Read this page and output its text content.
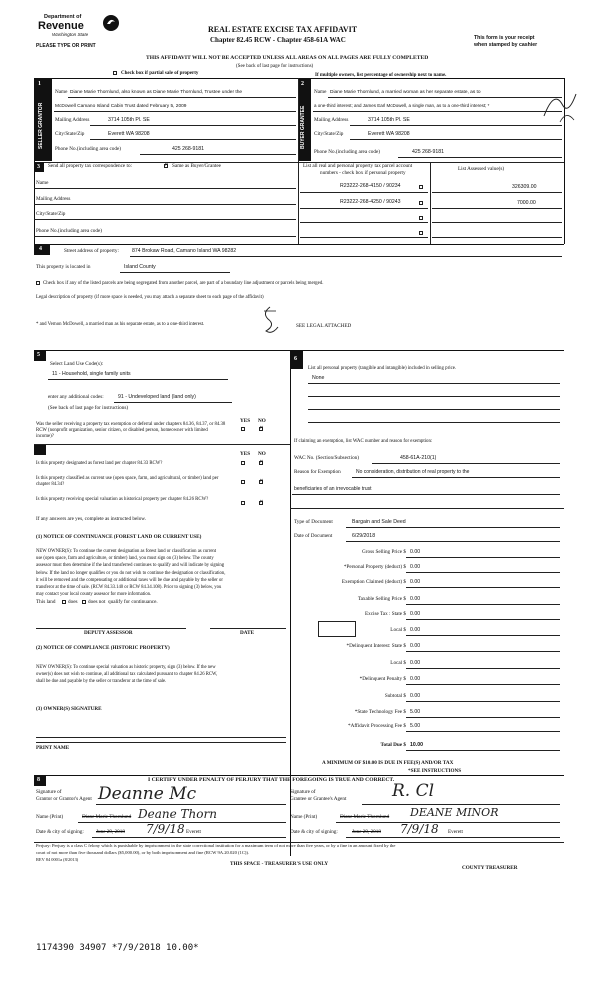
Department of
Revenue
Washington State
PLEASE TYPE OR PRINT
REAL ESTATE EXCISE TAX AFFIDAVIT
Chapter 82.45 RCW - Chapter 458-61A WAC	This form is your receipt
when stamped by cashier
THIS AFFIDAVIT WILL NOT BE ACCEPTED UNLESS ALL AREAS ON ALL PAGES ARE FULLY COMPLETED
(See back of last page for instructions)
Check box if partial sale of property	If multiple owners, list percentage of ownership next to name.
1
SELLER GRANTOR
Name Diane Marie Thornlund, also known as Diane Marie Thornlund, Trustee under the
McDowell Camano Island Cabin Trust dated February 5, 2009
Mailing Address	3714 105th Pl. SE
City/State/Zip	Everett WA 98208
Phone No.(including area code)	425 268-9181
2
BUYER GRANTEE
Name Diane Marie Thornlund, a married woman as her separate estate, as to
a one-third interest; and James Earl McDowell, a single man, as to a one-third interest; *
Mailing Address	3714 105th Pl. SE
City/State/Zip	Everett WA 98208
Phone No.(including area code)	425 268-9181
3 Send all property tax correspondence to: ✕	Same as Buyer/Grantee	List all real and personal property tax parcel account
numbers - check box if personal property
List Assessed value(s)
Name
Mailing Address
City/State/Zip
Phone No.(including area code)
R23222-268-4150 / 90234	326309.00
R23222-268-4250 / 90243	7000.00
4	Street address of property:	874 Brokaw Road, Camano Island WA 98282
This property is located in	Island County
Check box if any of the listed parcels are being segregated from another parcel, are part of a boundary line adjustment or parcels being merged.
Legal description of property (if more space is needed, you may attach a separate sheet to each page of the affidavit)
* and Vernon McDowell, a married man as his separate estate, as to a one-third interest.	SEE LEGAL ATTACHED
5
Select Land Use Code(s):
11 - Household, single family units
enter any additional codes:	91 - Undeveloped land (land only)
(See back of last page for instructions)
YES NO
Was the seller receiving a property tax exemption or deferral under chapters 84.36, 84.37, or 84.38 RCW (nonprofit organization, senior citizen, or disabled person, homeowner with limited income)?
✕
YES NO
Is this property designated as forest land per chapter 84.33 RCW?
✕
Is this property classified as current use (open space, farm, and agricultural, or timber) land per chapter 84.34?
✕
Is this property receiving special valuation as historical property per chapter 84.26 RCW?
✕
If any answers are yes, complete as instructed below.
(1) NOTICE OF CONTINUANCE (FOREST LAND OR CURRENT USE)
NEW OWNER(S): To continue the current designation as forest land or classification as current
use (open space, farm and agriculture, or timber) land, you must sign on (3) below. The county
assessor must then determine if the land transferred continues to qualify and will indicate by signing
below. If the land no longer qualifies or you do not wish to continue the designation or classification,
it will be removed and the compensating or additional taxes will be due and payable by the seller or
transferor at the time of sale. (RCW 84.33.140 or RCW 84.34.108). Prior to signing (3) below, you
may contact your local county assessor for more information.
This land does does not qualify for continuance.
DEPUTY ASSESSOR	DATE
(2) NOTICE OF COMPLIANCE (HISTORIC PROPERTY)
NEW OWNER(S): To continue special valuation as historic property, sign (3) below. If the new
owner(s) does not wish to continue, all additional tax calculated pursuant to chapter 84.26 RCW,
shall be due and payable by the seller or transferor at the time of sale.
(3) OWNER(S) SIGNATURE
PRINT NAME
6
List all personal property (tangible and intangible) included in selling price.
None
If claiming an exemption, list WAC number and reason for exemption:
WAC No. (Section/Subsection)	458-61A-210(1)
Reason for Exemption	No consideration, distribution of real property to the
beneficiaries of an irrevocable trust
Type of Document	Bargain and Sale Deed
Date of Document	6/29/2018
Gross Selling Price $ 0.00
*Personal Property (deduct) $ 0.00
Exemption Claimed (deduct) $ 0.00
Taxable Selling Price $ 0.00
Excise Tax : State $ 0.00
Local $ 0.00
*Delinquent Interest: State $ 0.00
Local $ 0.00
*Delinquent Penalty $ 0.00
Subtotal $ 0.00
*State Technology Fee $ 5.00
*Affidavit Processing Fee $ 5.00
Total Due $ 10.00
A MINIMUM OF $10.00 IS DUE IN FEE(S) AND/OR TAX
*SEE INSTRUCTIONS
8	I CERTIFY UNDER PENALTY OF PERJURY THAT THE FOREGOING IS TRUE AND CORRECT.
Signature of
Grantor or Grantor's Agent Deanne Mc
Name (Print)	Diane Marie Thornlund Deane Thorn
Date & city of signing: June 29, 2018 7/9/18 Everett
Signature of
Grantee or Grantee's Agent	R. Cl
Name (Print)	Diane Marie Thornlund DEANE MINOR
Date & city of signing:	June 29, 2018 7/9/18 Everett
Perjury: Perjury is a class C felony which is punishable by imprisonment in the state correctional institution for a maximum term of not more than five years, or by a fine in an amount fixed by the
court of not more than five thousand dollars ($5,000.00), or by both imprisonment and fine (RCW 9A.20.020 (1C)).
REV 84 0001a (8/2013)
THIS SPACE - TREASURER'S USE ONLY
COUNTY TREASURER
1174390 34907 *7/9/2018 10.00*
